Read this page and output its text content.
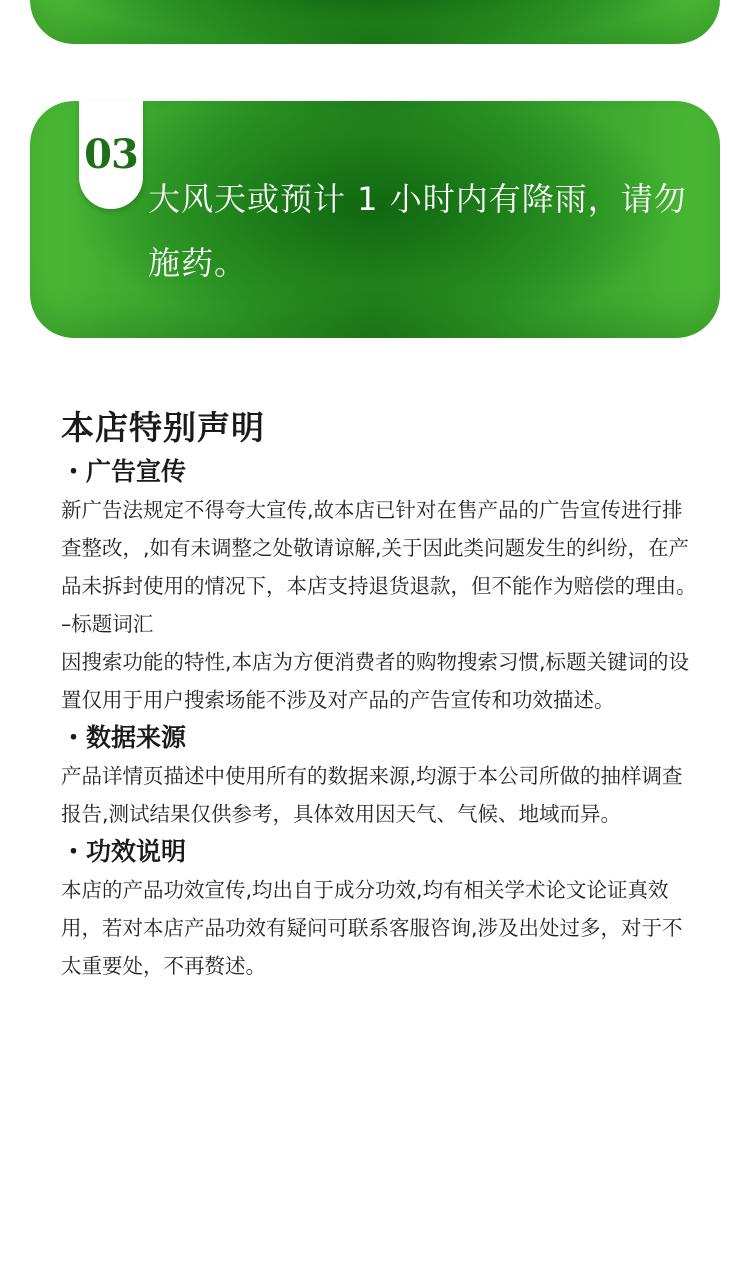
03
大风天或预计 1 小时内有降雨，请勿施药。
本店特别声明
・广告宣传

新广告法规定不得夸大宣传,故本店已针对在售产品的广告宣传进行排查整改，,如有未调整之处敬请谅解,关于因此类问题发生的纠纷，在产品未拆封使用的情况下，本店支持退货退款，但不能作为赔偿的理由。

–标题词汇

因搜索功能的特性,本店为方便消费者的购物搜索习惯,标题关键词的设置仅用于用户搜索场能不涉及对产品的产告宣传和功效描述。

・数据来源

产品详情页描述中使用所有的数据来源,均源于本公司所做的抽样调查报告,测试结果仅供参考，具体效用因天气、气候、地域而异。

・功效说明

本店的产品功效宣传,均出自于成分功效,均有相关学术论文论证真效用，若对本店产品功效有疑问可联系客服咨询,涉及出处过多，对于不太重要处，不再赘述。
